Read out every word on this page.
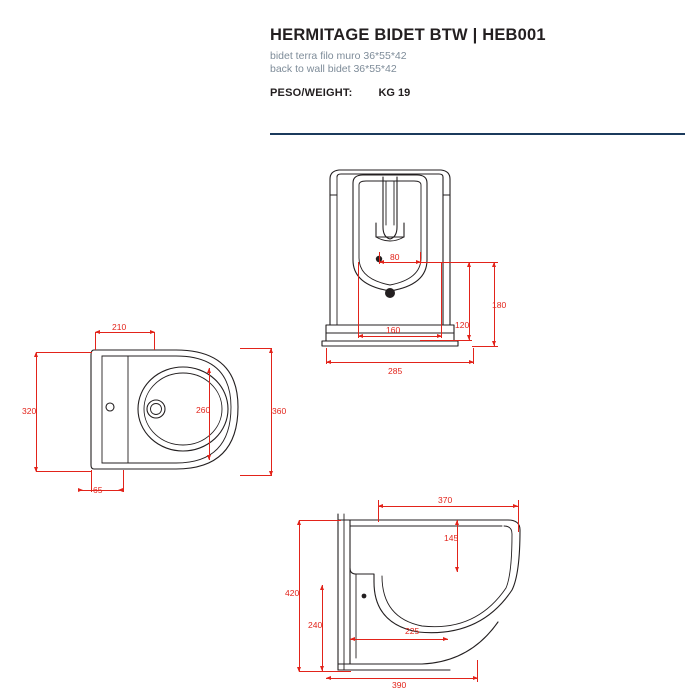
HERMITAGE BIDET BTW | HEB001
bidet terra filo muro 36*55*42
back to wall bidet 36*55*42
PESO/WEIGHT: KG 19
80
160
285
120
180
210
65
320	260	360
370
145
420
240
225
390
